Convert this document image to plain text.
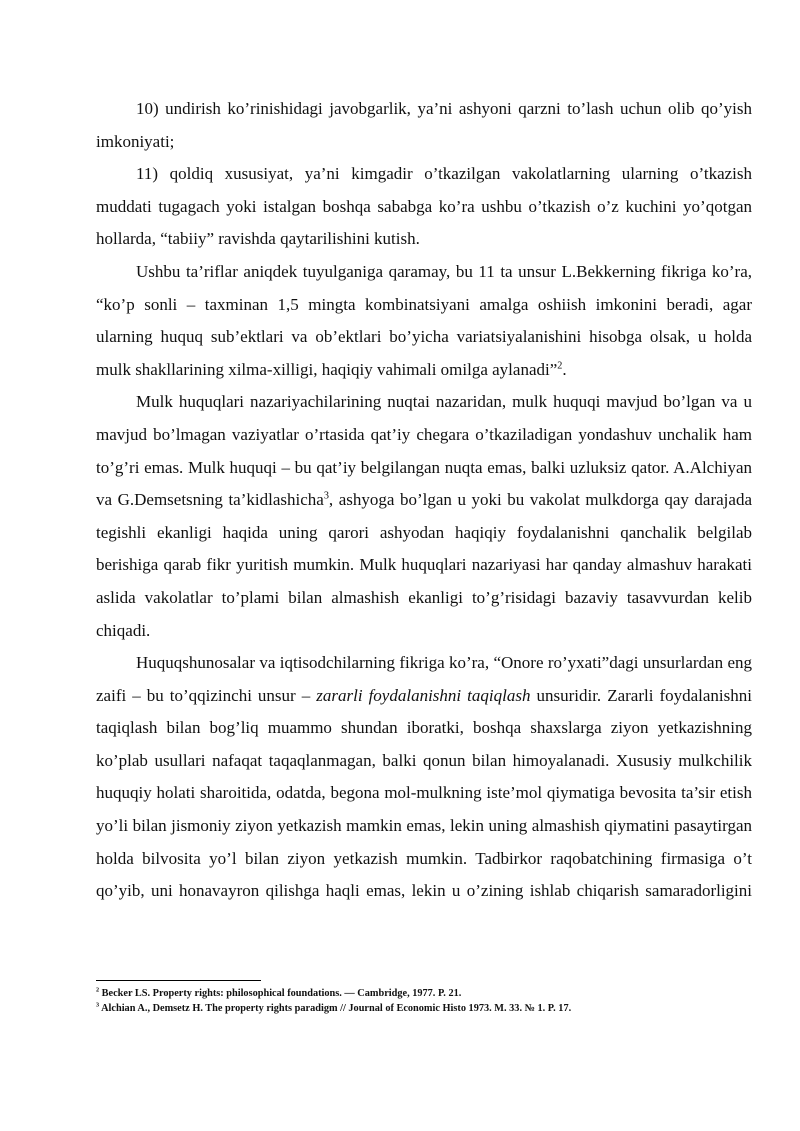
10) undirish ko’rinishidagi javobgarlik, ya’ni ashyoni qarzni to’lash uchun olib qo’yish imkoniyati;

11) qoldiq xususiyat, ya’ni kimgadir o’tkazilgan vakolatlarning ularning o’tkazish muddati tugagach yoki istalgan boshqa sababga ko’ra ushbu o’tkazish o’z kuchini yo’qotgan hollarda, “tabiiy” ravishda qaytarilishini kutish.

Ushbu ta’riflar aniqdek tuyulganiga qaramay, bu 11 ta unsur L.Bekkerning fikriga ko’ra, “ko’p sonli – taxminan 1,5 mingta kombinatsiyani amalga oshiish imkonini beradi, agar ularning huquq sub’ektlari va ob’ektlari bo’yicha variatsiyalanishini hisobga olsak, u holda mulk shakllarining xilma-xilligi, haqiqiy vahimali omilga aylanadi”$^2$.

Mulk huquqlari nazariyachilarining nuqtai nazaridan, mulk huquqi mavjud bo’lgan va u mavjud bo’lmagan vaziyatlar o’rtasida qat’iy chegara o’tkaziladigan yondashuv unchalik ham to’g’ri emas. Mulk huquqi – bu qat’iy belgilangan nuqta emas, balki uzluksiz qator. A.Alchiyan va G.Demsetsning ta’kidlashicha$^3$, ashyoga bo’lgan u yoki bu vakolat mulkdorga qay darajada tegishli ekanligi haqida uning qarori ashyodan haqiqiy foydalanishni qanchalik belgilab berishiga qarab fikr yuritish mumkin. Mulk huquqlari nazariyasi har qanday almashuv harakati aslida vakolatlar to’plami bilan almashish ekanligi to’g’risidagi bazaviy tasavvurdan kelib chiqadi.

Huquqshunosalar va iqtisodchilarning fikriga ko’ra, “Onore ro’yxati”dagi unsurlardan eng zaifi – bu to’qqizinchi unsur – zararli foydalanishni taqiqlash unsuridir. Zararli foydalanishni taqiqlash bilan bog’liq muammo shundan iboratki, boshqa shaxslarga ziyon yetkazishning ko’plab usullari nafaqat taqaqlanmagan, balki qonun bilan himoyalanadi. Xususiy mulkchilik huquqiy holati sharoitida, odatda, begona mol-mulkning iste’mol qiymatiga bevosita ta’sir etish yo’li bilan jismoniy ziyon yetkazish mamkin emas, lekin uning almashish qiymatini pasaytirgan holda bilvosita yo’l bilan ziyon yetkazish mumkin. Tadbirkor raqobatchining firmasiga o’t qo’yib, uni honavayron qilishga haqli emas, lekin u o’zining ishlab chiqarish samaradorligini

$^2$ Becker LS. Property rights: philosophical foundations. — Cambridge, 1977. P. 21.
$^3$ Alchian A., Demsetz H. The property rights paradigm // Journal of Economic Histo 1973. M. 33. № 1. P. 17.
